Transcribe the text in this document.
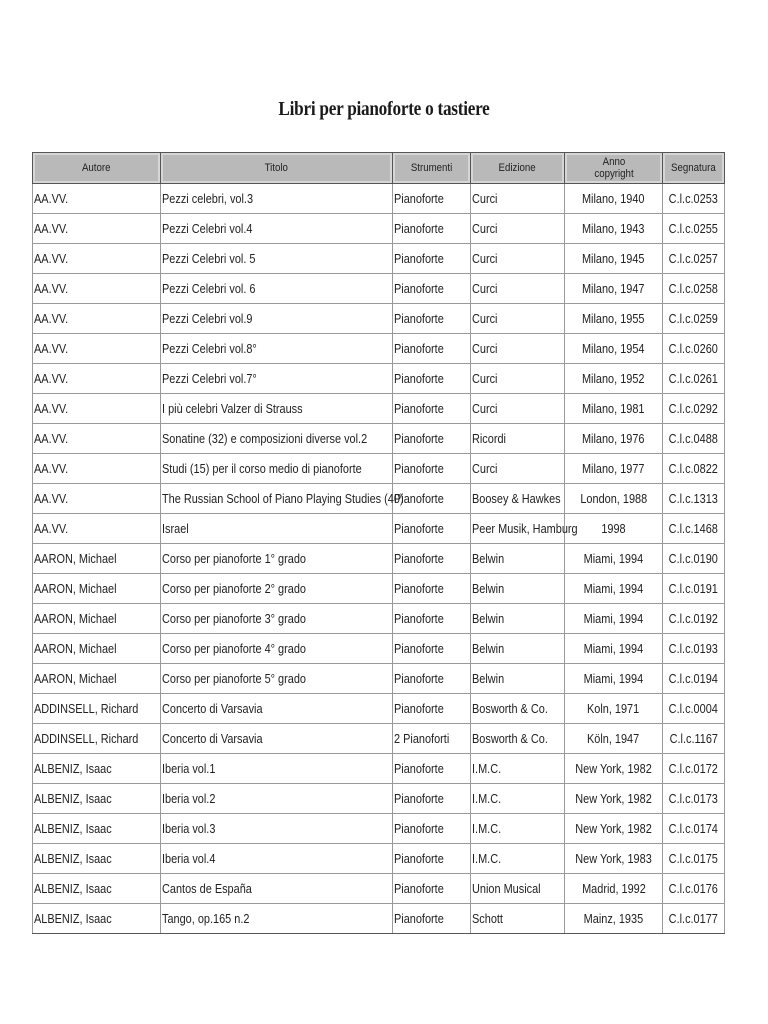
Libri per pianoforte o tastiere
Autore	Titolo	Strumenti	Edizione	Anno copyright	Segnatura
AA.VV.	Pezzi celebri, vol.3	Pianoforte	Curci	Milano, 1940	C.l.c.0253
AA.VV.	Pezzi Celebri vol.4	Pianoforte	Curci	Milano, 1943	C.l.c.0255
AA.VV.	Pezzi Celebri vol. 5	Pianoforte	Curci	Milano, 1945	C.l.c.0257
AA.VV.	Pezzi Celebri vol. 6	Pianoforte	Curci	Milano, 1947	C.l.c.0258
AA.VV.	Pezzi Celebri vol.9	Pianoforte	Curci	Milano, 1955	C.l.c.0259
AA.VV.	Pezzi Celebri vol.8°	Pianoforte	Curci	Milano, 1954	C.l.c.0260
AA.VV.	Pezzi Celebri vol.7°	Pianoforte	Curci	Milano, 1952	C.l.c.0261
AA.VV.	I più celebri Valzer di Strauss	Pianoforte	Curci	Milano, 1981	C.l.c.0292
AA.VV.	Sonatine (32) e composizioni diverse vol.2	Pianoforte	Ricordi	Milano, 1976	C.l.c.0488
AA.VV.	Studi (15) per il corso medio di pianoforte	Pianoforte	Curci	Milano, 1977	C.l.c.0822
AA.VV.	The Russian School of Piano Playing Studies (40)	Pianoforte	Boosey & Hawkes	London, 1988	C.l.c.1313
AA.VV.	Israel	Pianoforte	Peer Musik, Hamburg	1998	C.l.c.1468
AARON, Michael	Corso per pianoforte 1° grado	Pianoforte	Belwin	Miami, 1994	C.l.c.0190
AARON, Michael	Corso per pianoforte 2° grado	Pianoforte	Belwin	Miami, 1994	C.l.c.0191
AARON, Michael	Corso per pianoforte 3° grado	Pianoforte	Belwin	Miami, 1994	C.l.c.0192
AARON, Michael	Corso per pianoforte 4° grado	Pianoforte	Belwin	Miami, 1994	C.l.c.0193
AARON, Michael	Corso per pianoforte 5° grado	Pianoforte	Belwin	Miami, 1994	C.l.c.0194
ADDINSELL, Richard	Concerto di Varsavia	Pianoforte	Bosworth & Co.	Koln, 1971	C.l.c.0004
ADDINSELL, Richard	Concerto di Varsavia	2 Pianoforti	Bosworth & Co.	Köln, 1947	C.l.c.1167
ALBENIZ, Isaac	Iberia vol.1	Pianoforte	I.M.C.	New York, 1982	C.l.c.0172
ALBENIZ, Isaac	Iberia vol.2	Pianoforte	I.M.C.	New York, 1982	C.l.c.0173
ALBENIZ, Isaac	Iberia vol.3	Pianoforte	I.M.C.	New York, 1982	C.l.c.0174
ALBENIZ, Isaac	Iberia vol.4	Pianoforte	I.M.C.	New York, 1983	C.l.c.0175
ALBENIZ, Isaac	Cantos de España	Pianoforte	Union Musical	Madrid, 1992	C.l.c.0176
ALBENIZ, Isaac	Tango, op.165 n.2	Pianoforte	Schott	Mainz, 1935	C.l.c.0177
